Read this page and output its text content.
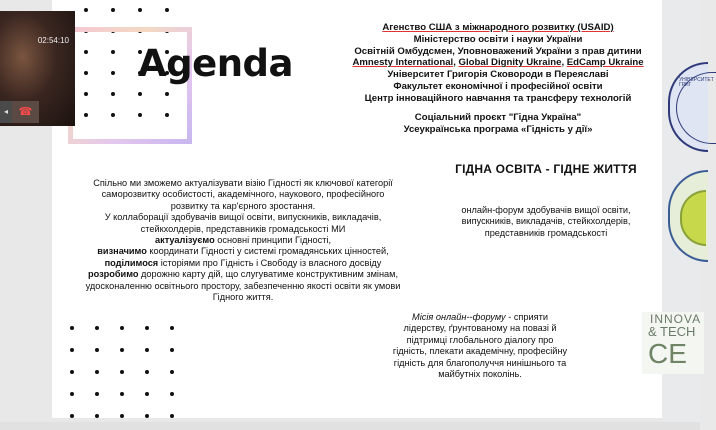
Agenda
Агенство США з міжнародного розвитку (USAID)
Міністерство освіти і науки України
Освітній Омбудсмен, Уповноважений України з прав дитини
Amnesty International, Global Dignity Ukraine, EdCamp Ukraine
Університет Григорія Сковороди в Переяславі
Факультет економічної і професійної освіти
Центр інноваційного навчання та трансферу технологій
Соціальний проєкт "Гідна Україна"
Усеукраїнська програма «Гідність у дії»
Спільно ми зможемо актуалізувати візію Гідності як ключової категорії саморозвитку особистості, академічного, наукового, професійного розвитку та кар'єрного зростання.
У коллаборації здобувачів вищої освіти, випускників, викладачів, стейкхолдерів, представників громадськості МИ
актуалізуємо основні принципи Гідності,
визначимо координати Гідності у системі громадянських цінностей,
поділимося історіями про Гідність і Свободу із власного досвіду
розробимо дорожню карту дій, що слугуватиме конструктивним змінам, удосконаленню освітнього простору, забезпеченню якості освіти як умови Гідного життя.
ГІДНА ОСВІТА - ГІДНЕ ЖИТТЯ
онлайн-форум здобувачів вищої освіти, випускників, викладачів, стейкхолдерів, представників громадськості
Місія онлайн--форуму - сприяти лідерству, ґрунтованому на повазі й підтримці глобального діалогу про гідність, плекати академічну, професійну гідність для благополуччя нинішнього та майбутніх поколінь.
02:54:10
◂ ☎
УНІВЕРСИТЕТ ГРИГ
INNOVA
& TECH
CE
